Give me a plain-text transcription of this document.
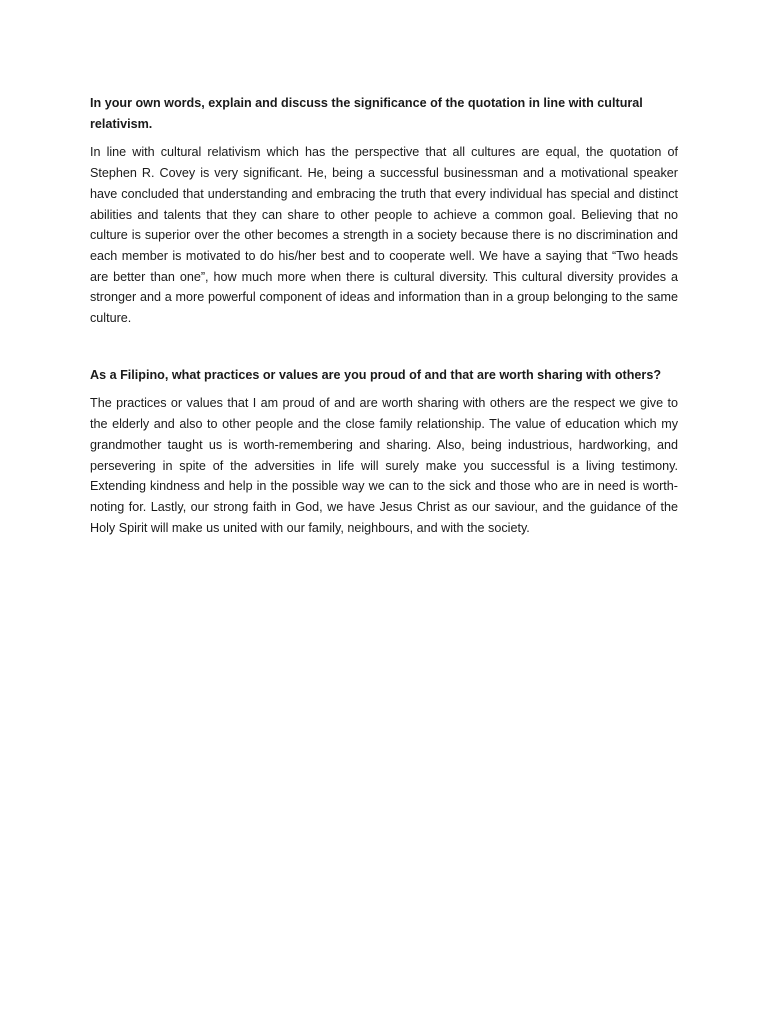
In your own words, explain and discuss the significance of the quotation in line with cultural relativism.

In line with cultural relativism which has the perspective that all cultures are equal, the quotation of Stephen R. Covey is very significant. He, being a successful businessman and a motivational speaker have concluded that understanding and embracing the truth that every individual has special and distinct abilities and talents that they can share to other people to achieve a common goal. Believing that no culture is superior over the other becomes a strength in a society because there is no discrimination and each member is motivated to do his/her best and to cooperate well. We have a saying that “Two heads are better than one”, how much more when there is cultural diversity. This cultural diversity provides a stronger and a more powerful component of ideas and information than in a group belonging to the same culture.

As a Filipino, what practices or values are you proud of and that are worth sharing with others?

The practices or values that I am proud of and are worth sharing with others are the respect we give to the elderly and also to other people and the close family relationship. The value of education which my grandmother taught us is worth-remembering and sharing. Also, being industrious, hardworking, and persevering in spite of the adversities in life will surely make you successful is a living testimony. Extending kindness and help in the possible way we can to the sick and those who are in need is worth-noting for. Lastly, our strong faith in God, we have Jesus Christ as our saviour, and the guidance of the Holy Spirit will make us united with our family, neighbours, and with the society.
